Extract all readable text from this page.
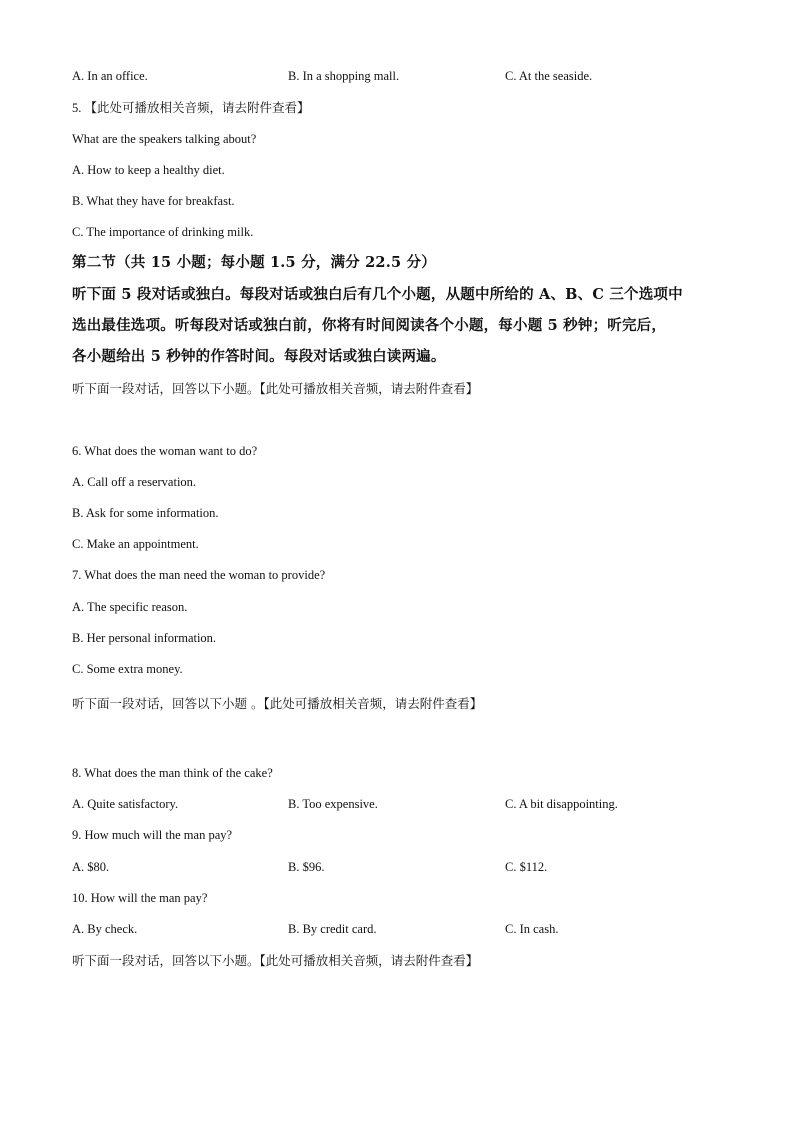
A. In an office.	B. In a shopping mall.	C. At the seaside.
5. 【此处可播放相关音频，请去附件查看】
What are the speakers talking about?
A. How to keep a healthy diet.
B. What they have for breakfast.
C. The importance of drinking milk.
第二节（共 15 小题；每小题 1.5 分，满分 22.5 分）
听下面 5 段对话或独白。每段对话或独白后有几个小题，从题中所给的 A、B、C 三个选项中
选出最佳选项。听每段对话或独白前，你将有时间阅读各个小题，每小题 5 秒钟；听完后，
各小题给出 5 秒钟的作答时间。每段对话或独白读两遍。
听下面一段对话，回答以下小题。【此处可播放相关音频，请去附件查看】
6. What does the woman want to do?
A. Call off a reservation.
B. Ask for some information.
C. Make an appointment.
7. What does the man need the woman to provide?
A. The specific reason.
B. Her personal information.
C. Some extra money.
听下面一段对话，回答以下小题 。【此处可播放相关音频，请去附件查看】
8. What does the man think of the cake?
A. Quite satisfactory.	B. Too expensive.	C. A bit disappointing.
9. How much will the man pay?
A. $80.	B. $96.	C. $112.
10. How will the man pay?
A. By check.	B. By credit card.	C. In cash.
听下面一段对话，回答以下小题。【此处可播放相关音频，请去附件查看】
